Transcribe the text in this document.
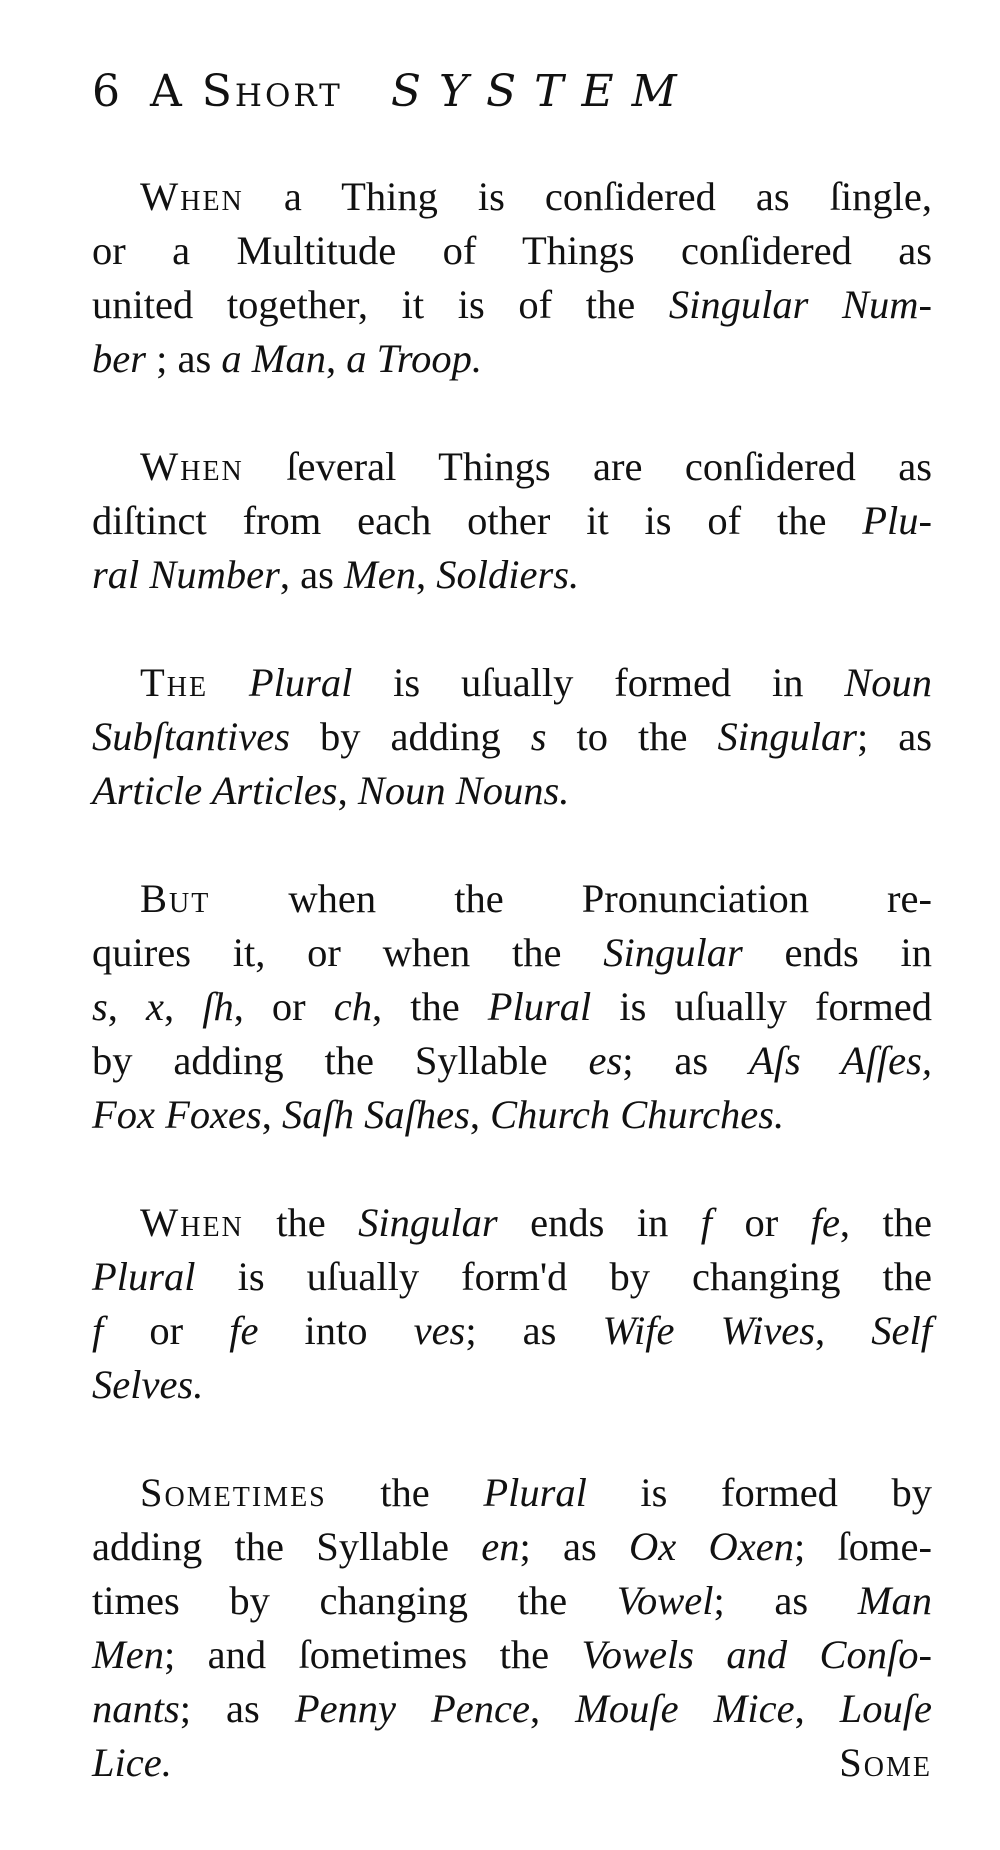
6 A Short SYSTEM
When a Thing is conſidered as ſingle,
or a Multitude of Things conſidered as
united together, it is of the Singular Num-
ber ; as a Man, a Troop.
When ſeveral Things are conſidered as
diſtinct from each other it is of the Plu-
ral Number, as Men, Soldiers.
The Plural is uſually formed in Noun
Subſtantives by adding s to the Singular; as
Article Articles, Noun Nouns.
But when the Pronunciation re-
quires it, or when the Singular ends in
s, x, ſh, or ch, the Plural is uſually formed
by adding the Syllable es; as Aſs Aſſes,
Fox Foxes, Saſh Saſhes, Church Churches.
When the Singular ends in f or fe, the
Plural is uſually form'd by changing the
f or fe into ves; as Wife Wives, Self
Selves.
Sometimes the Plural is formed by
adding the Syllable en; as Ox Oxen; ſome-
times by changing the Vowel; as Man
Men; and ſometimes the Vowels and Conſo-
nants; as Penny Pence, Mouſe Mice, Louſe
Lice.	Some
